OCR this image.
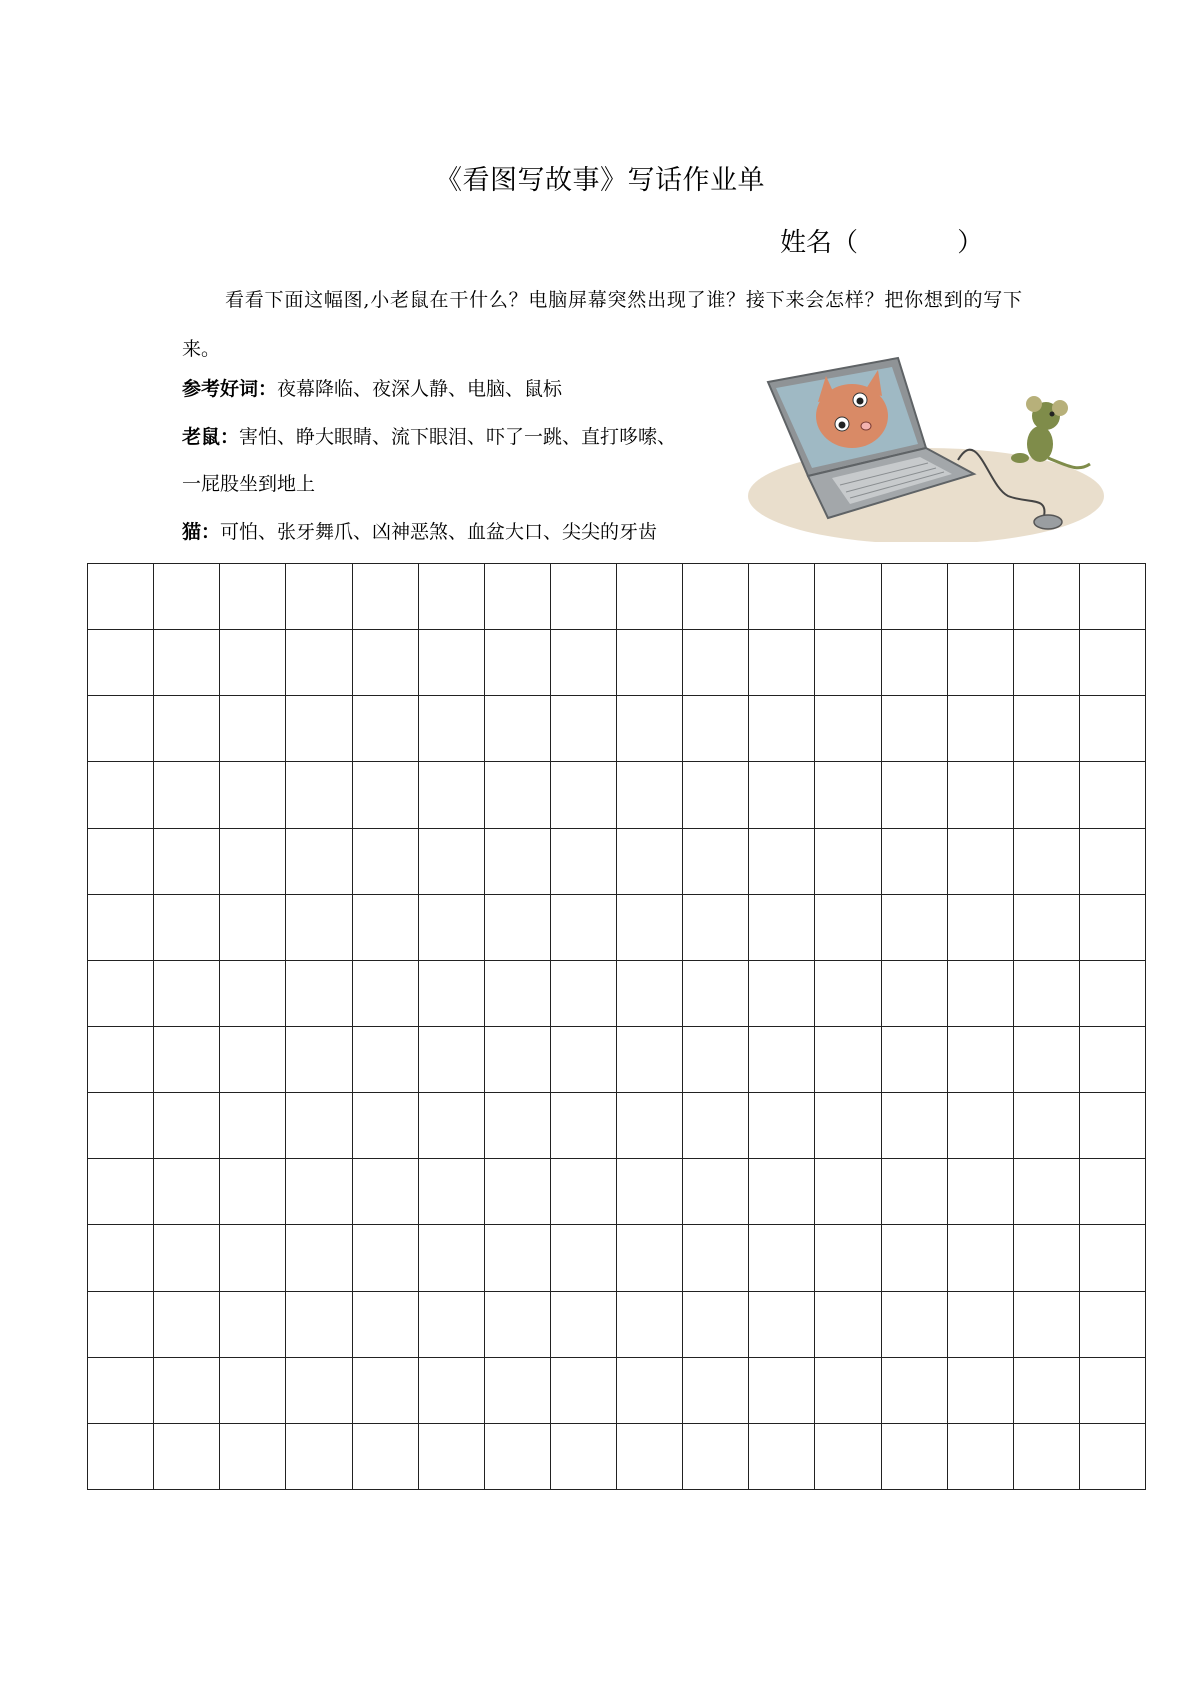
《看图写故事》写话作业单
姓名（	）
看看下面这幅图,小老鼠在干什么？电脑屏幕突然出现了谁？接下来会怎样？把你想到的写下来。
参考好词：夜幕降临、夜深人静、电脑、鼠标
老鼠：害怕、睁大眼睛、流下眼泪、吓了一跳、直打哆嗦、
一屁股坐到地上
猫：可怕、张牙舞爪、凶神恶煞、血盆大口、尖尖的牙齿
